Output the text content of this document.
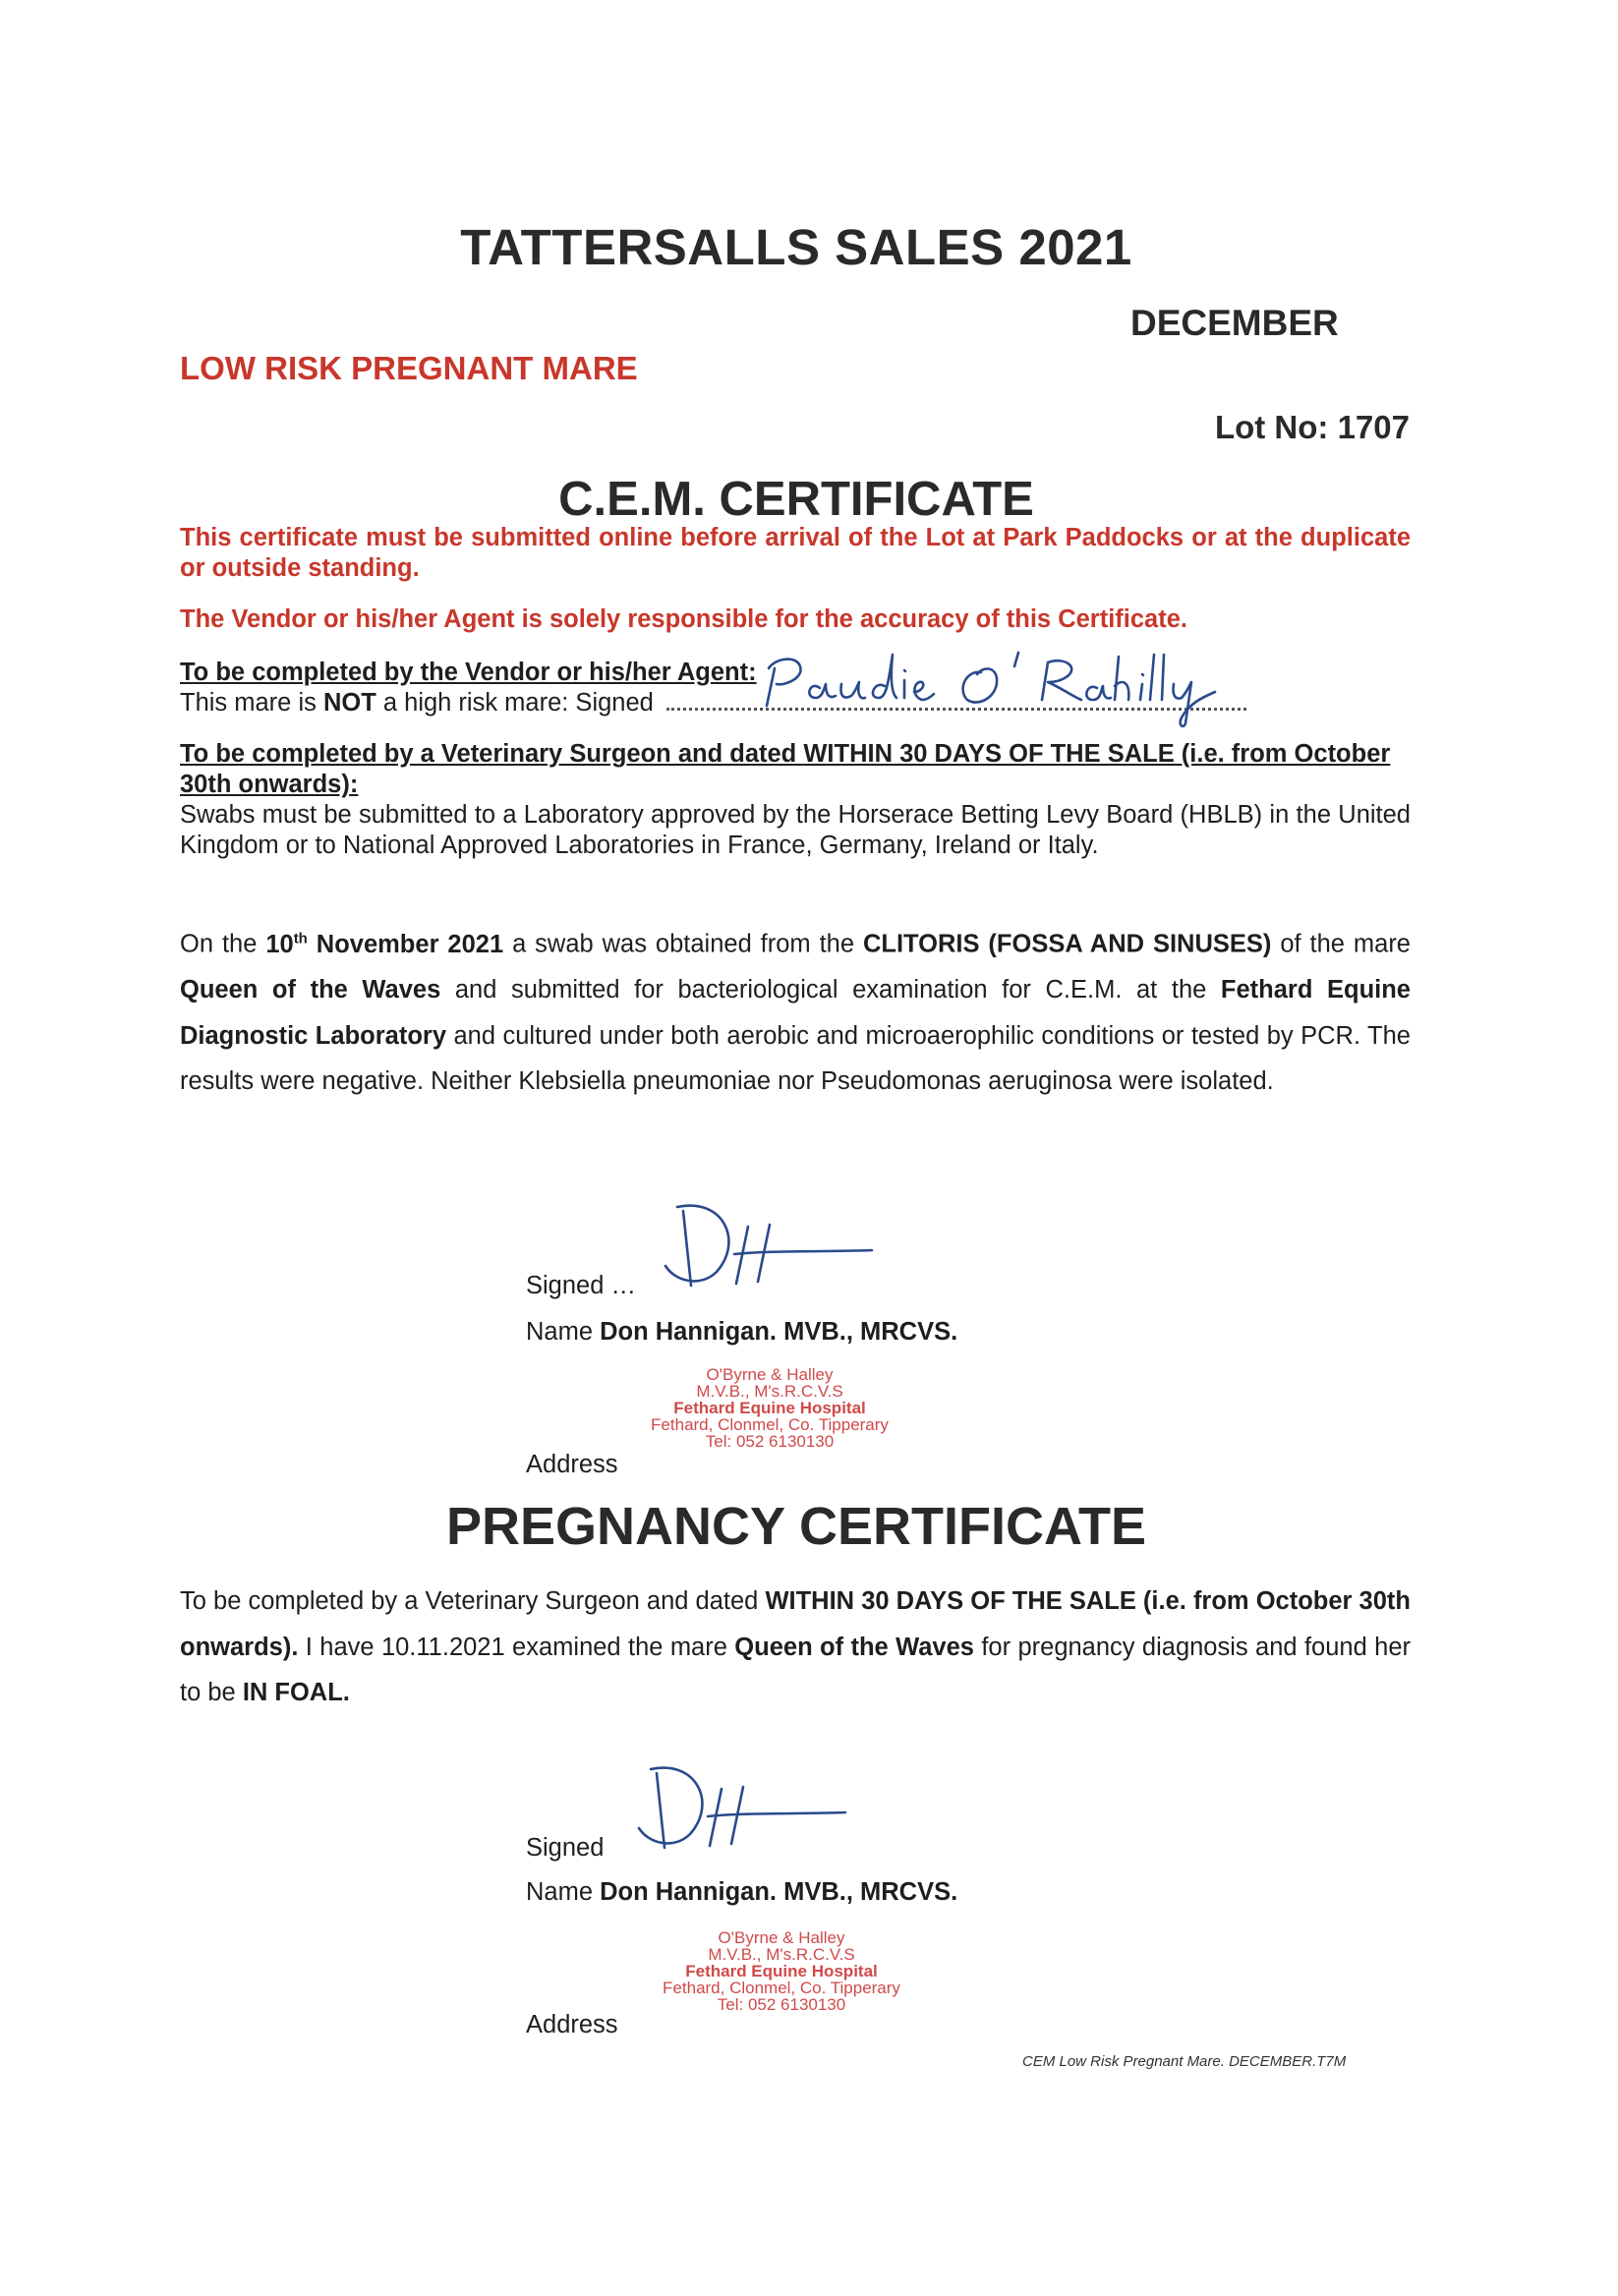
TATTERSALLS SALES 2021
DECEMBER
LOW RISK PREGNANT MARE
Lot No: 1707
C.E.M. CERTIFICATE
This certificate must be submitted online before arrival of the Lot at Park Paddocks or at the duplicate or outside standing.
The Vendor or his/her Agent is solely responsible for the accuracy of this Certificate.
To be completed by the Vendor or his/her Agent:
This mare is NOT a high risk mare: Signed
To be completed by a Veterinary Surgeon and dated WITHIN 30 DAYS OF THE SALE (i.e. from October 30th onwards):
Swabs must be submitted to a Laboratory approved by the Horserace Betting Levy Board (HBLB) in the United Kingdom or to National Approved Laboratories in France, Germany, Ireland or Italy.
On the 10th November 2021 a swab was obtained from the CLITORIS (FOSSA AND SINUSES) of the mare Queen of the Waves and submitted for bacteriological examination for C.E.M. at the Fethard Equine Diagnostic Laboratory and cultured under both aerobic and microaerophilic conditions or tested by PCR. The results were negative. Neither Klebsiella pneumoniae nor Pseudomonas aeruginosa were isolated.
Signed …
Name Don Hannigan. MVB., MRCVS.
O'Byrne & Halley
M.V.B., M's.R.C.V.S
Fethard Equine Hospital
Fethard, Clonmel, Co. Tipperary
Tel: 052 6130130
Address
PREGNANCY CERTIFICATE
To be completed by a Veterinary Surgeon and dated WITHIN 30 DAYS OF THE SALE (i.e. from October 30th onwards). I have 10.11.2021 examined the mare Queen of the Waves for pregnancy diagnosis and found her to be IN FOAL.
Signed
Name Don Hannigan. MVB., MRCVS.
O'Byrne & Halley
M.V.B., M's.R.C.V.S
Fethard Equine Hospital
Fethard, Clonmel, Co. Tipperary
Tel: 052 6130130
Address
CEM Low Risk Pregnant Mare. DECEMBER.T7M
